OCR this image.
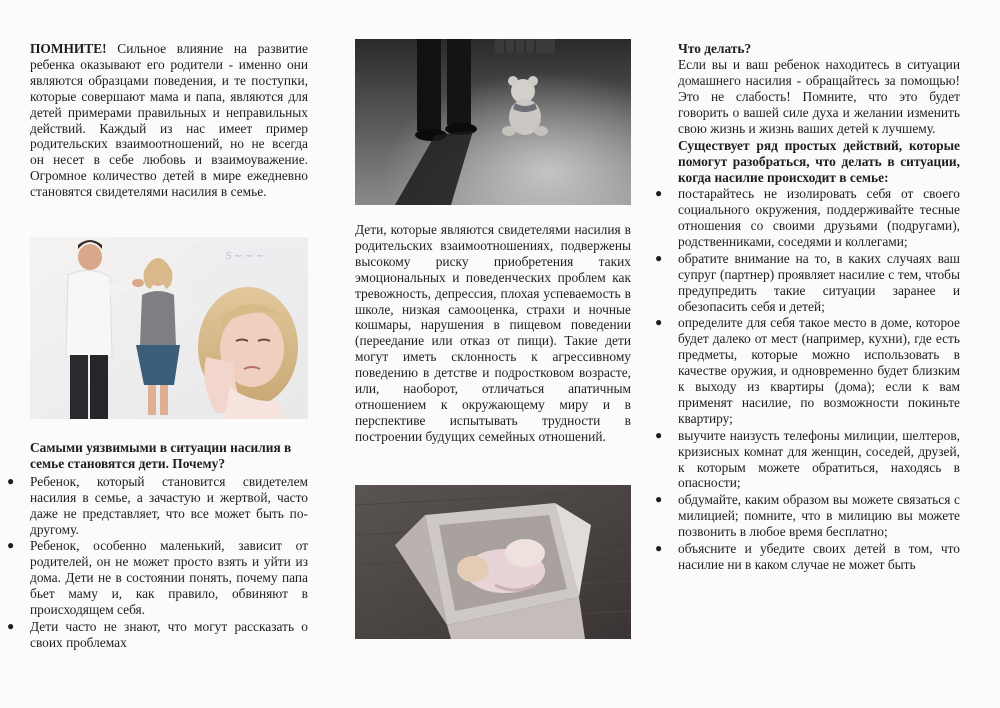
ПОМНИТЕ! Сильное влияние на развитие ребенка оказывают его родители - именно они являются образцами поведения, и те поступки, которые совершают мама и папа, являются для детей примерами правильных и неправильных действий. Каждый из нас имеет пример родительских взаимоотношений, но не всегда он несет в себе любовь и взаимоуважение. Огромное количество детей в мире ежедневно становятся свидетелями насилия в семье.

Ѕ ∼ ∼ ∼

Самыми уязвимыми в ситуации насилия в семье становятся дети. Почему?

● Ребенок, который становится свидетелем насилия в семье, а зачастую и жертвой, часто даже не представляет, что все может быть по-другому.
● Ребенок, особенно маленький, зависит от родителей, он не может просто взять и уйти из дома. Дети не в состоянии понять, почему папа бьет маму и, как правило, обвиняют в происходящем себя.
● Дети часто не знают, что могут рассказать о своих проблемах

Дети, которые являются свидетелями насилия в родительских взаимоотношениях, подвержены высокому риску приобретения таких эмоциональных и поведенческих проблем как тревожность, депрессия, плохая успеваемость в школе, низкая самооценка, страхи и ночные кошмары, нарушения в пищевом поведении (переедание или отказ от пищи). Такие дети могут иметь склонность к агрессивному поведению в детстве и подростковом возрасте, или, наоборот, отличаться апатичным отношением к окружающему миру и в перспективе испытывать трудности в построении будущих семейных отношений.

Что делать?

Если вы и ваш ребенок находитесь в ситуации домашнего насилия - обращайтесь за помощью! Это не слабость! Помните, что это будет говорить о вашей силе духа и желании изменить свою жизнь и жизнь ваших детей к лучшему.

Существует ряд простых действий, которые помогут разобраться, что делать в ситуации, когда насилие происходит в семье:

● постарайтесь не изолировать себя от своего социального окружения, поддерживайте тесные отношения со своими друзьями (подругами), родственниками, соседями и коллегами;
● обратите внимание на то, в каких случаях ваш супруг (партнер) проявляет насилие с тем, чтобы предупредить такие ситуации заранее и обезопасить себя и детей;
● определите для себя такое место в доме, которое будет далеко от мест (например, кухни), где есть предметы, которые можно использовать в качестве оружия, и одновременно будет близким к выходу из квартиры (дома); если к вам применят насилие, по возможности покиньте квартиру;
● выучите наизусть телефоны милиции, шелтеров, кризисных комнат для женщин, соседей, друзей, к которым можете обратиться, находясь в опасности;
● обдумайте, каким образом вы можете связаться с милицией; помните, что в милицию вы можете позвонить в любое время бесплатно;
● объясните и убедите своих детей в том, что насилие ни в каком случае не может быть
